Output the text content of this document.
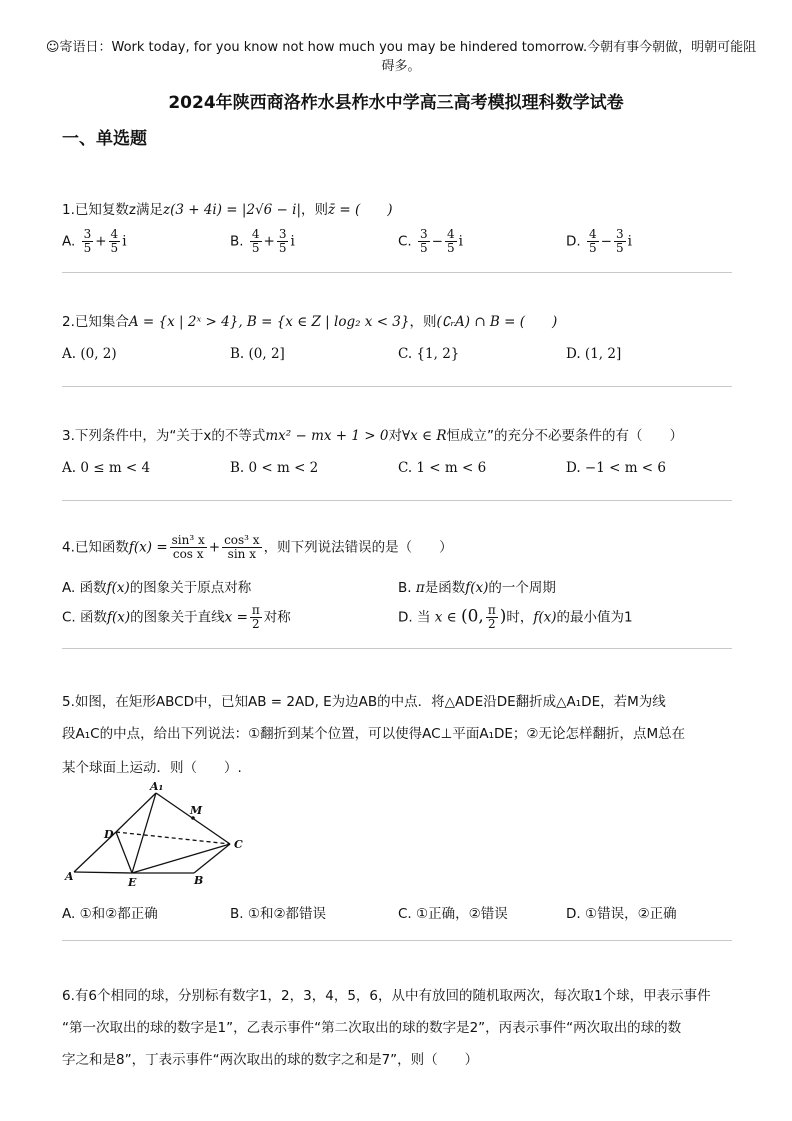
☺寄语日：Work today, for you know not how much you may be hindered tomorrow.今朝有事今朝做，明朝可能阻碍多。
2024年陕西商洛柞水县柞水中学高三高考模拟理科数学试卷
一、单选题
1.已知复数z满足z(3 + 4i) = |2√6 − i|，则z̄ = (　　)
A. $\frac{3}{5} + \frac{4}{5}$ i	B. $\frac{4}{5} + \frac{3}{5}$ i	C. $\frac{3}{5} - \frac{4}{5}$ i	D. $\frac{4}{5} - \frac{3}{5}$ i
2.已知集合A = {x | 2ˣ > 4}, B = {x ∈ Z | log₂ x < 3}，则(∁ᵣA) ∩ B = (　　)
A. (0, 2)	B. (0, 2]	C. {1, 2}	D. (1, 2]
3.下列条件中，为“关于x的不等式mx² − mx + 1 > 0对∀x ∈ R恒成立”的充分不必要条件的有（　　）
A. 0 ≤ m < 4	B. 0 < m < 2	C. 1 < m < 6	D. −1 < m < 6
4.已知函数$f(x) = \frac{\text{sin³ x}}{\text{cos x}} + \frac{\text{cos³ x}}{\text{sin x}}$ ，则下列说法错误的是（　　）
A. 函数f(x)的图象关于原点对称	B. π是函数f(x)的一个周期
C. 函数f(x)的图象关于直线$x = \frac{\pi}{2}$ 对称	D. 当 x ∈ (0, $\frac{\pi}{2}$ )时，f(x)的最小值为1
5.如图，在矩形ABCD中，已知AB = 2AD, E为边AB的中点．将△ADE沿DE翻折成△A₁DE，若M为线
段A₁C的中点，给出下列说法：①翻折到某个位置，可以使得AC⊥平面A₁DE；②无论怎样翻折，点M总在
某个球面上运动．则（　　）.
A₁
M
D
C
A	E	B
A. ①和②都正确	B. ①和②都错误	C. ①正确，②错误	D. ①错误，②正确
6.有6个相同的球，分别标有数字1，2，3，4，5，6，从中有放回的随机取两次，每次取1个球，甲表示事件
“第一次取出的球的数字是1”，乙表示事件“第二次取出的球的数字是2”，丙表示事件“两次取出的球的数
字之和是8”，丁表示事件“两次取出的球的数字之和是7”，则（　　）
